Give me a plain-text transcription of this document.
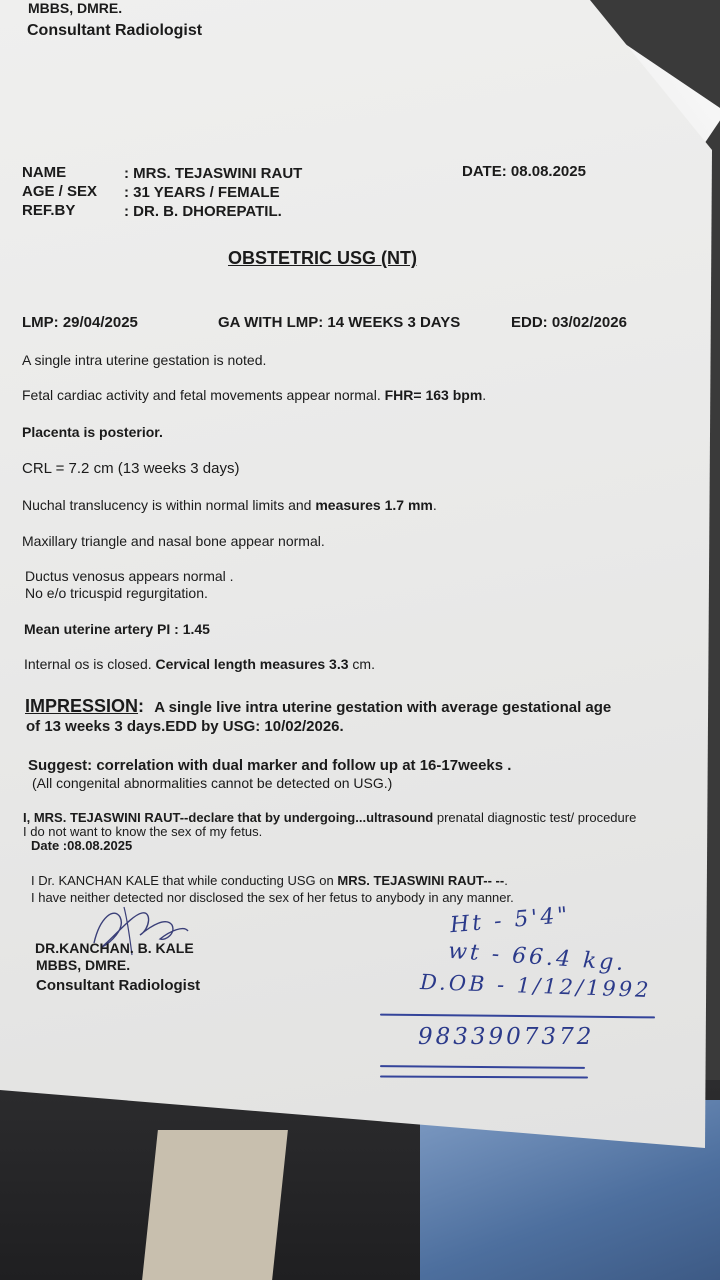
MBBS, DMRE.
Consultant Radiologist
NAME	: MRS. TEJASWINI RAUT	DATE: 08.08.2025
AGE / SEX : 31 YEARS / FEMALE
REF.BY	: DR. B. DHOREPATIL.
OBSTETRIC USG (NT)
LMP: 29/04/2025	GA WITH LMP: 14 WEEKS 3 DAYS	EDD: 03/02/2026
A single intra uterine gestation is noted.
Fetal cardiac activity and fetal movements appear normal. FHR= 163 bpm.
Placenta is posterior.
CRL = 7.2 cm (13 weeks 3 days)
Nuchal translucency is within normal limits and measures 1.7 mm.
Maxillary triangle and nasal bone appear normal.
Ductus venosus appears normal .
No e/o tricuspid regurgitation.
Mean uterine artery PI : 1.45
Internal os is closed. Cervical length measures 3.3 cm.
IMPRESSION: A single live intra uterine gestation with average gestational age
of 13 weeks 3 days.EDD by USG: 10/02/2026.
Suggest: correlation with dual marker and follow up at 16-17weeks .
(All congenital abnormalities cannot be detected on USG.)
I, MRS. TEJASWINI RAUT--declare that by undergoing...ultrasound prenatal diagnostic test/ procedure
I do not want to know the sex of my fetus.
Date :08.08.2025
I Dr. KANCHAN KALE that while conducting USG on MRS. TEJASWINI RAUT-- --.
I have neither detected nor disclosed the sex of her fetus to anybody in any manner.
DR.KANCHAN. B. KALE
MBBS, DMRE.
Consultant Radiologist
Ht - 5'4"
wt - 66.4 kg.
D.OB - 1/12/1992
9833907372
